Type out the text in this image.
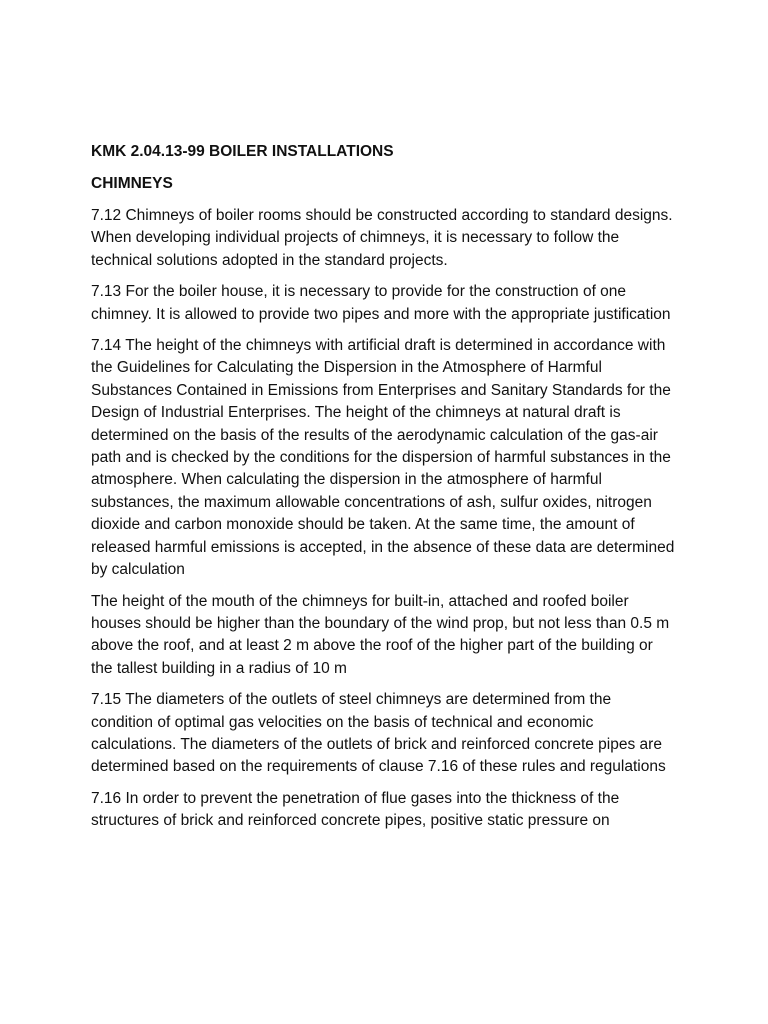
KMK 2.04.13-99 BOILER INSTALLATIONS
CHIMNEYS

7.12 Chimneys of boiler rooms should be constructed according to standard designs. When developing individual projects of chimneys, it is necessary to follow the technical solutions adopted in the standard projects.

7.13 For the boiler house, it is necessary to provide for the construction of one chimney. It is allowed to provide two pipes and more with the appropriate justification

7.14 The height of the chimneys with artificial draft is determined in accordance with the Guidelines for Calculating the Dispersion in the Atmosphere of Harmful Substances Contained in Emissions from Enterprises and Sanitary Standards for the Design of Industrial Enterprises. The height of the chimneys at natural draft is determined on the basis of the results of the aerodynamic calculation of the gas-air path and is checked by the conditions for the dispersion of harmful substances in the atmosphere. When calculating the dispersion in the atmosphere of harmful substances, the maximum allowable concentrations of ash, sulfur oxides, nitrogen dioxide and carbon monoxide should be taken. At the same time, the amount of released harmful emissions is accepted, in the absence of these data are determined by calculation

The height of the mouth of the chimneys for built-in, attached and roofed boiler houses should be higher than the boundary of the wind prop, but not less than 0.5 m above the roof, and at least 2 m above the roof of the higher part of the building or the tallest building in a radius of 10 m

7.15 The diameters of the outlets of steel chimneys are determined from the condition of optimal gas velocities on the basis of technical and economic calculations. The diameters of the outlets of brick and reinforced concrete pipes are determined based on the requirements of clause 7.16 of these rules and regulations

7.16 In order to prevent the penetration of flue gases into the thickness of the structures of brick and reinforced concrete pipes, positive static pressure on
